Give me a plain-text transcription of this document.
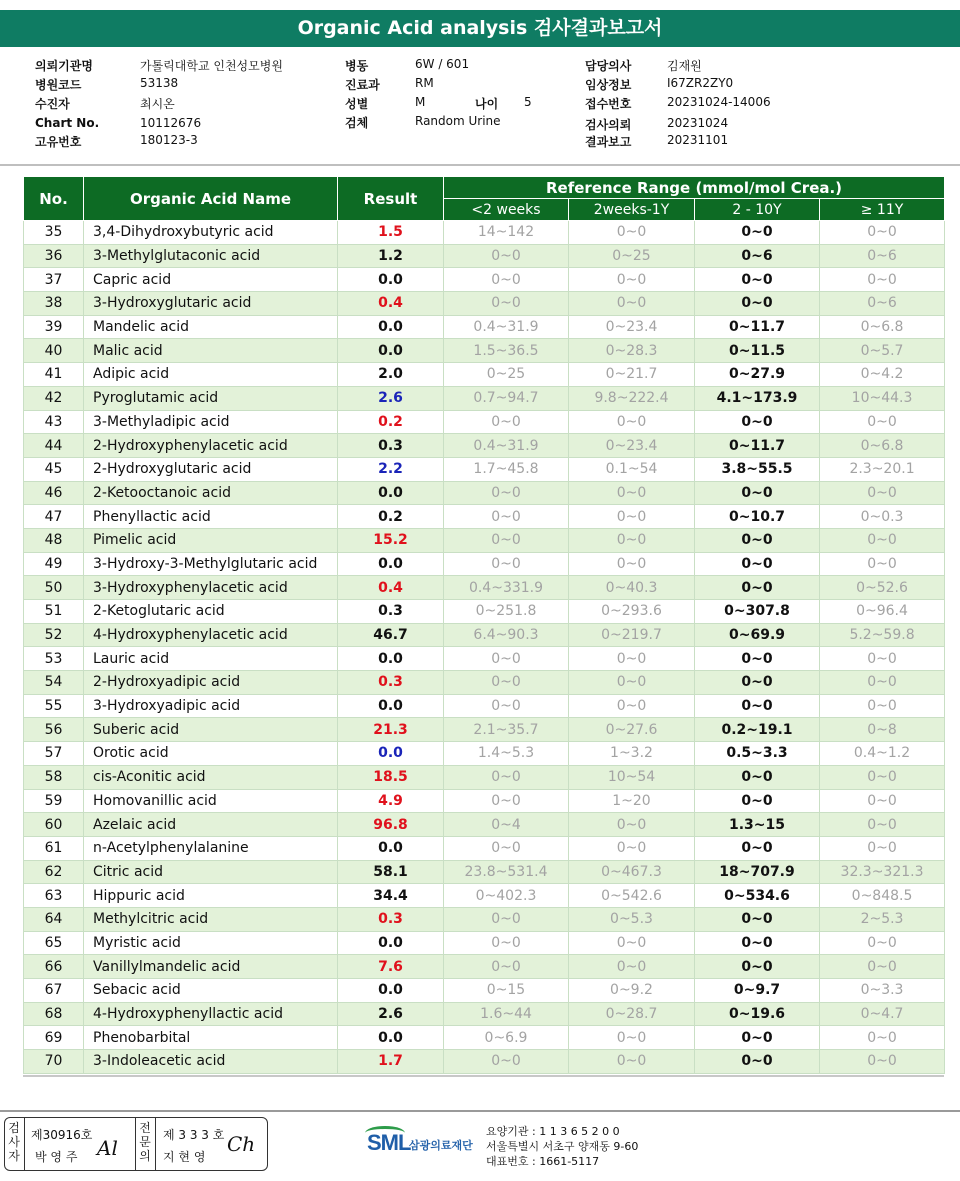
Organic Acid analysis 검사결과보고서
의뢰기관명	가톨릭대학교 인천성모병원
병원코드	53138
수진자	최시온
Chart No.	10112676
고유번호	180123-3
병동	6W / 601
진료과	RM
성별	M	나이 5
검체	Random Urine
담당의사	김재원
임상정보	I67ZR2ZY0
접수번호	20231024-14006
검사의뢰	20231024
결과보고	20231101
No.	Organic Acid Name	Result	Reference Range (mmol/mol Crea.)			
			<2 weeks	2weeks-1Y	2 - 10Y	≥ 11Y
35	3,4-Dihydroxybutyric acid	1.5	14~142	0~0	0~0	0~0
36	3-Methylglutaconic acid	1.2	0~0	0~25	0~6	0~6
37	Capric acid	0.0	0~0	0~0	0~0	0~0
38	3-Hydroxyglutaric acid	0.4	0~0	0~0	0~0	0~6
39	Mandelic acid	0.0	0.4~31.9	0~23.4	0~11.7	0~6.8
40	Malic acid	0.0	1.5~36.5	0~28.3	0~11.5	0~5.7
41	Adipic acid	2.0	0~25	0~21.7	0~27.9	0~4.2
42	Pyroglutamic acid	2.6	0.7~94.7	9.8~222.4	4.1~173.9	10~44.3
43	3-Methyladipic acid	0.2	0~0	0~0	0~0	0~0
44	2-Hydroxyphenylacetic acid	0.3	0.4~31.9	0~23.4	0~11.7	0~6.8
45	2-Hydroxyglutaric acid	2.2	1.7~45.8	0.1~54	3.8~55.5	2.3~20.1
46	2-Ketooctanoic acid	0.0	0~0	0~0	0~0	0~0
47	Phenyllactic acid	0.2	0~0	0~0	0~10.7	0~0.3
48	Pimelic acid	15.2	0~0	0~0	0~0	0~0
49	3-Hydroxy-3-Methylglutaric acid	0.0	0~0	0~0	0~0	0~0
50	3-Hydroxyphenylacetic acid	0.4	0.4~331.9	0~40.3	0~0	0~52.6
51	2-Ketoglutaric acid	0.3	0~251.8	0~293.6	0~307.8	0~96.4
52	4-Hydroxyphenylacetic acid	46.7	6.4~90.3	0~219.7	0~69.9	5.2~59.8
53	Lauric acid	0.0	0~0	0~0	0~0	0~0
54	2-Hydroxyadipic acid	0.3	0~0	0~0	0~0	0~0
55	3-Hydroxyadipic acid	0.0	0~0	0~0	0~0	0~0
56	Suberic acid	21.3	2.1~35.7	0~27.6	0.2~19.1	0~8
57	Orotic acid	0.0	1.4~5.3	1~3.2	0.5~3.3	0.4~1.2
58	cis-Aconitic acid	18.5	0~0	10~54	0~0	0~0
59	Homovanillic acid	4.9	0~0	1~20	0~0	0~0
60	Azelaic acid	96.8	0~4	0~0	1.3~15	0~0
61	n-Acetylphenylalanine	0.0	0~0	0~0	0~0	0~0
62	Citric acid	58.1	23.8~531.4	0~467.3	18~707.9	32.3~321.3
63	Hippuric acid	34.4	0~402.3	0~542.6	0~534.6	0~848.5
64	Methylcitric acid	0.3	0~0	0~5.3	0~0	2~5.3
65	Myristic acid	0.0	0~0	0~0	0~0	0~0
66	Vanillylmandelic acid	7.6	0~0	0~0	0~0	0~0
67	Sebacic acid	0.0	0~15	0~9.2	0~9.7	0~3.3
68	4-Hydroxyphenyllactic acid	2.6	1.6~44	0~28.7	0~19.6	0~4.7
69	Phenobarbital	0.0	0~6.9	0~0	0~0	0~0
70	3-Indoleacetic acid	1.7	0~0	0~0	0~0	0~0
검
사
자
제30916호
박 영 주 Al
전
문
의
제 3 3 3 호
지 현 영
Ch	SML
삼광의료재단
요양기관 : 1 1 3 6 5 2 0 0
서울특별시 서초구 양재동 9-60
대표번호 : 1661-5117
